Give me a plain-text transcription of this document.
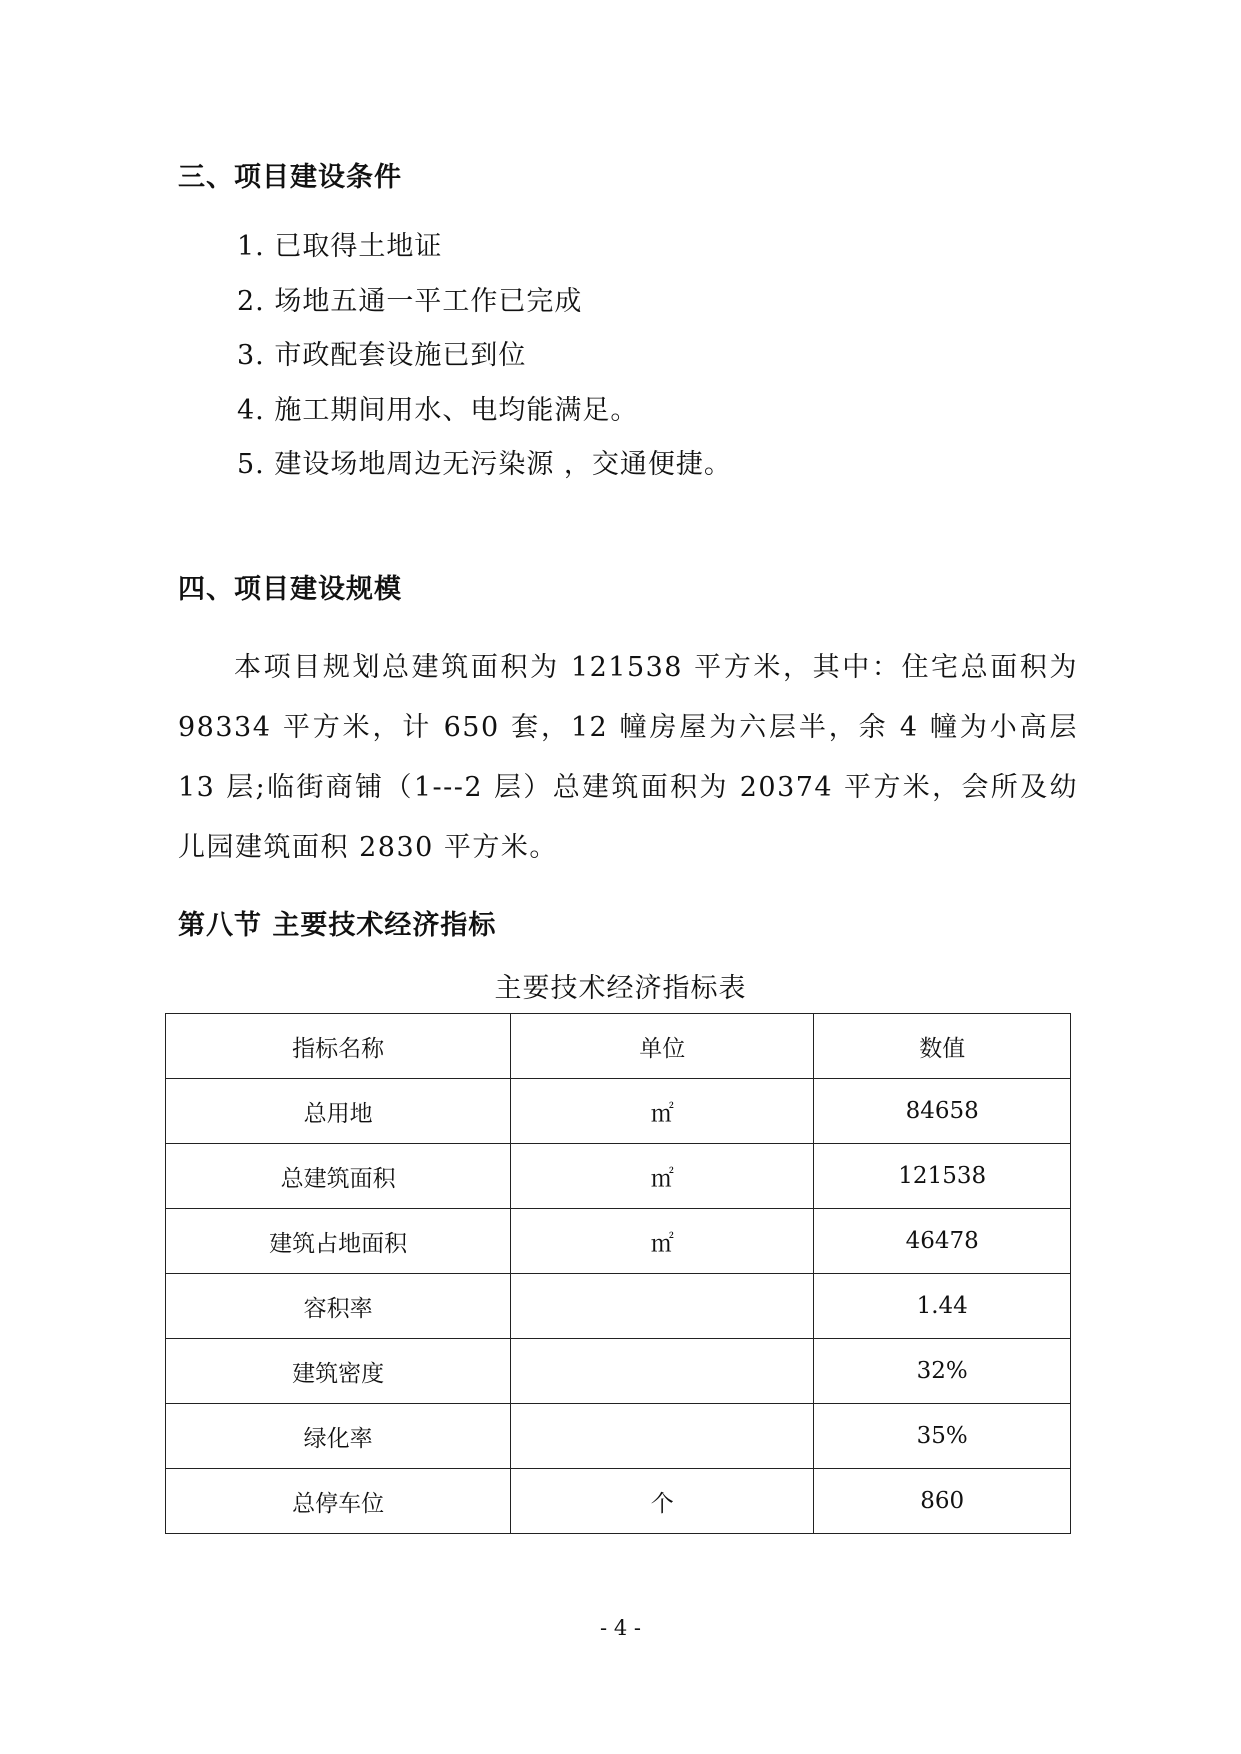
三、项目建设条件
1. 已取得土地证
2. 场地五通一平工作已完成
3. 市政配套设施已到位
4. 施工期间用水、电均能满足。
5. 建设场地周边无污染源 ，交通便捷。
四、项目建设规模
本项目规划总建筑面积为 121538 平方米，其中：住宅总面积为 98334 平方米，计 650 套，12 幢房屋为六层半，余 4 幢为小高层 13 层;临街商铺（1---2 层）总建筑面积为 20374 平方米，会所及幼儿园建筑面积 2830 平方米。
第八节 主要技术经济指标
主要技术经济指标表
指标名称	单位	数值
总用地	㎡	84658
总建筑面积	㎡	121538
建筑占地面积	㎡	46478
容积率		1.44
建筑密度		32%
绿化率		35%
总停车位	个	860
- 4 -
